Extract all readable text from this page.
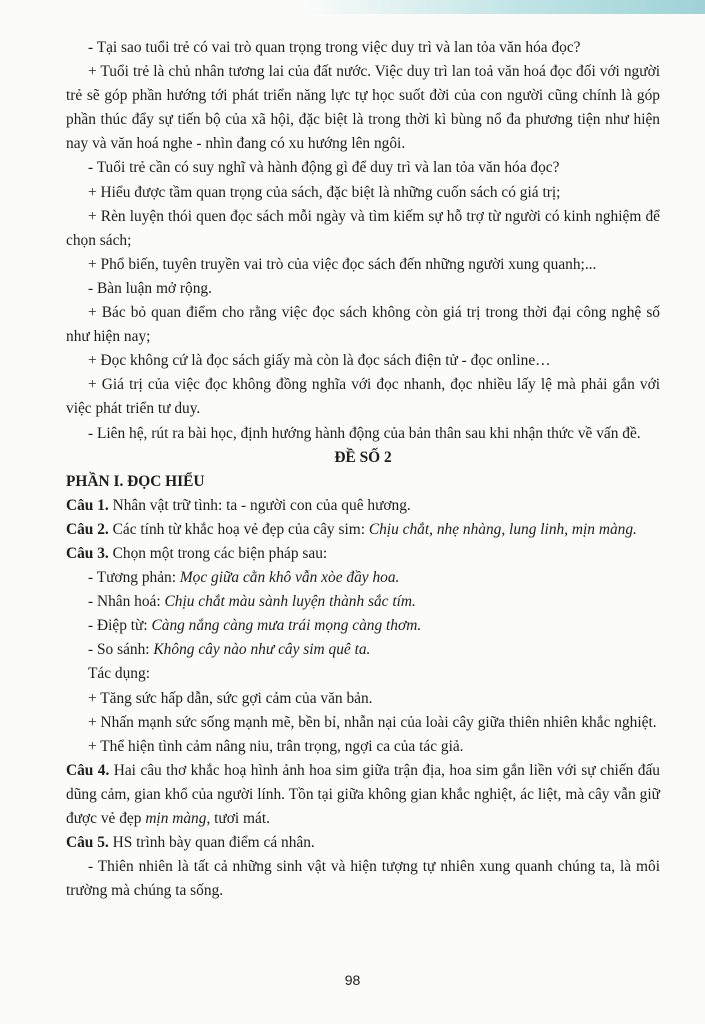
- Tại sao tuổi trẻ có vai trò quan trọng trong việc duy trì và lan tỏa văn hóa đọc?

+ Tuổi trẻ là chủ nhân tương lai của đất nước. Việc duy trì lan toả văn hoá đọc đối với người trẻ sẽ góp phần hướng tới phát triển năng lực tự học suốt đời của con người cũng chính là góp phần thúc đẩy sự tiến bộ của xã hội, đặc biệt là trong thời kì bùng nổ đa phương tiện như hiện nay và văn hoá nghe - nhìn đang có xu hướng lên ngôi.

- Tuổi trẻ cần có suy nghĩ và hành động gì để duy trì và lan tỏa văn hóa đọc?

+ Hiểu được tầm quan trọng của sách, đặc biệt là những cuốn sách có giá trị;

+ Rèn luyện thói quen đọc sách mỗi ngày và tìm kiếm sự hỗ trợ từ người có kinh nghiệm để chọn sách;

+ Phổ biến, tuyên truyền vai trò của việc đọc sách đến những người xung quanh;...

- Bàn luận mở rộng.

+ Bác bỏ quan điểm cho rằng việc đọc sách không còn giá trị trong thời đại công nghệ số như hiện nay;

+ Đọc không cứ là đọc sách giấy mà còn là đọc sách điện tử - đọc online…

+ Giá trị của việc đọc không đồng nghĩa với đọc nhanh, đọc nhiều lấy lệ mà phải gắn với việc phát triển tư duy.

- Liên hệ, rút ra bài học, định hướng hành động của bản thân sau khi nhận thức về vấn đề.

ĐỀ SỐ 2

PHẦN I. ĐỌC HIỂU

Câu 1. Nhân vật trữ tình: ta - người con của quê hương.

Câu 2. Các tính từ khắc hoạ vẻ đẹp của cây sim: Chịu chắt, nhẹ nhàng, lung linh, mịn màng.

Câu 3. Chọn một trong các biện pháp sau:

- Tương phản: Mọc giữa cằn khô vẫn xòe đầy hoa.

- Nhân hoá: Chịu chắt màu sành luyện thành sắc tím.

- Điệp từ: Càng nắng càng mưa trái mọng càng thơm.

- So sánh: Không cây nào như cây sim quê ta.

Tác dụng:

+ Tăng sức hấp dẫn, sức gợi cảm của văn bản.

+ Nhấn mạnh sức sống mạnh mẽ, bền bỉ, nhẫn nại của loài cây giữa thiên nhiên khắc nghiệt.

+ Thể hiện tình cảm nâng niu, trân trọng, ngợi ca của tác giả.

Câu 4. Hai câu thơ khắc hoạ hình ảnh hoa sim giữa trận địa, hoa sim gắn liền với sự chiến đấu dũng cảm, gian khổ của người lính. Tồn tại giữa không gian khắc nghiệt, ác liệt, mà cây vẫn giữ được vẻ đẹp mịn màng, tươi mát.

Câu 5. HS trình bày quan điểm cá nhân.

- Thiên nhiên là tất cả những sinh vật và hiện tượng tự nhiên xung quanh chúng ta, là môi trường mà chúng ta sống.

98
